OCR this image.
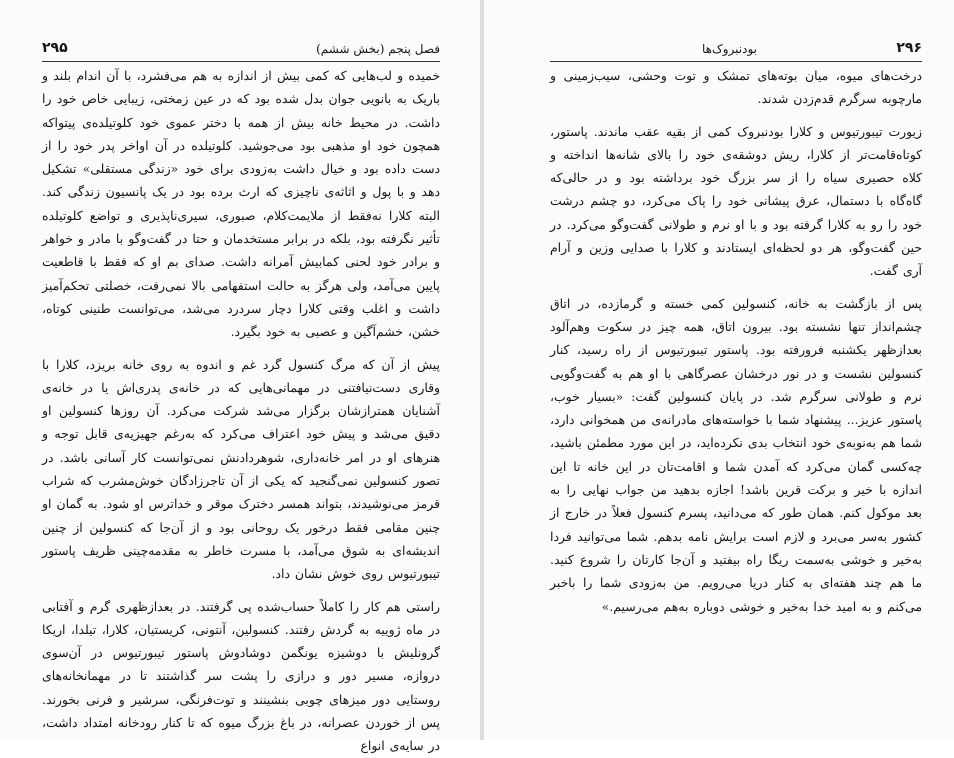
فصل پنجم (بخش ششم)
۲۹۵

خمیده و لب‌هایی که کمی بیش از اندازه به هم می‌فشرد، با آن اندام بلند و باریک به بانویی جوان بدل شده بود که در عین زمختی، زیبایی خاص خود را داشت. در محیط خانه بیش از همه با دختر عموی خود کلوتیلده‌ی پیتواکه همچون خود او مذهبی بود می‌جوشید. کلوتیلده در آن اواخر پدر خود را از دست داده بود و خیال داشت به‌زودی برای خود «زندگی مستقلی» تشکیل دهد و با پول و اثاثه‌ی ناچیزی که ارث برده بود در یک پانسیون زندگی کند. البته کلارا نه‌فقط از ملایمت‌کلام، صبوری، سیری‌ناپذیری و تواضع کلوتیلده تأثیر نگرفته بود، بلکه در برابر مستخدمان و حتا در گفت‌وگو با مادر و خواهر و برادر خود لحنی کمابیش آمرانه داشت. صدای بم او که فقط با قاطعیت پایین می‌آمد، ولی هرگز به حالت استفهامی بالا نمی‌رفت، خصلتی تحکم‌آمیز داشت و اغلب وقتی کلارا دچار سردرد می‌شد، می‌توانست طنینی کوتاه، خشن، خشم‌آگین و عصبی به خود بگیرد.

پیش از آن که مرگ کنسول گرد غم و اندوه به روی خانه بریزد، کلارا با وقاری دست‌نیافتنی در مهمانی‌هایی که در خانه‌ی پدری‌اش یا در خانه‌ی آشنایان همترازشان برگزار می‌شد شرکت می‌کرد. آن روزها کنسولین او دقیق می‌شد و پیش خود اعتراف می‌کرد که به‌رغم جهیزیه‌ی قابل توجه و هنرهای او در امر خانه‌داری، شوهردادنش نمی‌توانست کار آسانی باشد. در تصور کنسولین نمی‌گنجید که یکی از آن تاجرزادگان خوش‌مشرب که شراب قرمز می‌نوشیدند، بتواند همسر دخترک موقر و خداترس او شود. به گمان او چنین مقامی فقط درخور یک روحانی بود و از آن‌جا که کنسولین از چنین اندیشه‌ای به شوق می‌آمد، با مسرت خاطر به مقدمه‌چینی ظریف پاستور تیبورتیوس روی خوش نشان داد.

راستی هم کار را کاملاً حساب‌شده پی گرفتند. در بعدازظهری گرم و آفتابی در ماه ژوییه به گردش رفتند. کنسولین، آنتونی، کریستیان، کلارا، تیلدا، اریکا گرونلیش با دوشیزه یونگمن دوشادوش پاستور تیبورتیوس در آن‌سوی دروازه، مسیر دور و درازی را پشت سر گذاشتند تا در مهمانخانه‌های روستایی دور میزهای چوبی بنشینند و توت‌فرنگی، سرشیر و فرنی بخورند. پس از خوردن عصرانه، در باغ بزرگ میوه که تا کنار رودخانه امتداد داشت، در سایه‌ی انواع

بودنبروک‌ها	۲۹۶

درخت‌های میوه، میان بوته‌های تمشک و توت وحشی، سیب‌زمینی و مارچوبه سرگرم قدم‌زدن شدند.

زیورت تیبورتیوس و کلارا بودنبروک کمی از بقیه عقب ماندند. پاستور، کوتاه‌قامت‌تر از کلارا، ریش دوشقه‌ی خود را بالای شانه‌ها انداخته و کلاه حصیری سیاه را از سر بزرگ خود برداشته بود و در حالی‌که گاه‌گاه با دستمال، عرق پیشانی خود را پاک می‌کرد، دو چشم درشت خود را رو به کلارا گرفته بود و با او نرم و طولانی گفت‌وگو می‌کرد. در حین گفت‌وگو، هر دو لحظه‌ای ایستادند و کلارا با صدایی وزین و آرام آری گفت.

پس از بازگشت به خانه، کنسولین کمی خسته و گرمازده، در اتاق چشم‌انداز تنها نشسته بود. بیرون اتاق، همه چیز در سکوت وهم‌آلود بعدازظهر یکشنبه فرورفته بود. پاستور تیبورتیوس از راه رسید، کنار کنسولین نشست و در نور درخشان عصرگاهی با او هم به گفت‌وگویی نرم و طولانی سرگرم شد. در پایان کنسولین گفت: «بسیار خوب، پاستور عزیز... پیشنهاد شما با خواسته‌های مادرانه‌ی من همخوانی دارد، شما هم به‌نوبه‌ی خود انتخاب بدی نکرده‌اید، در این مورد مطمئن باشید، چه‌کسی گمان می‌کرد که آمدن شما و اقامت‌تان در این خانه تا این اندازه با خیر و برکت قرین باشد! اجازه بدهید من جواب نهایی را به بعد موکول کنم. همان طور که می‌دانید، پسرم کنسول فعلاً در خارج از کشور به‌سر می‌برد و لازم است برایش نامه بدهم. شما می‌توانید فردا به‌خیر و خوشی به‌سمت ریگا راه بیفتید و آن‌جا کارتان را شروع کنید. ما هم چند هفته‌ای به کنار دریا می‌رویم. من به‌زودی شما را باخبر می‌کنم و به امید خدا به‌خیر و خوشی دوباره به‌هم می‌رسیم.»
